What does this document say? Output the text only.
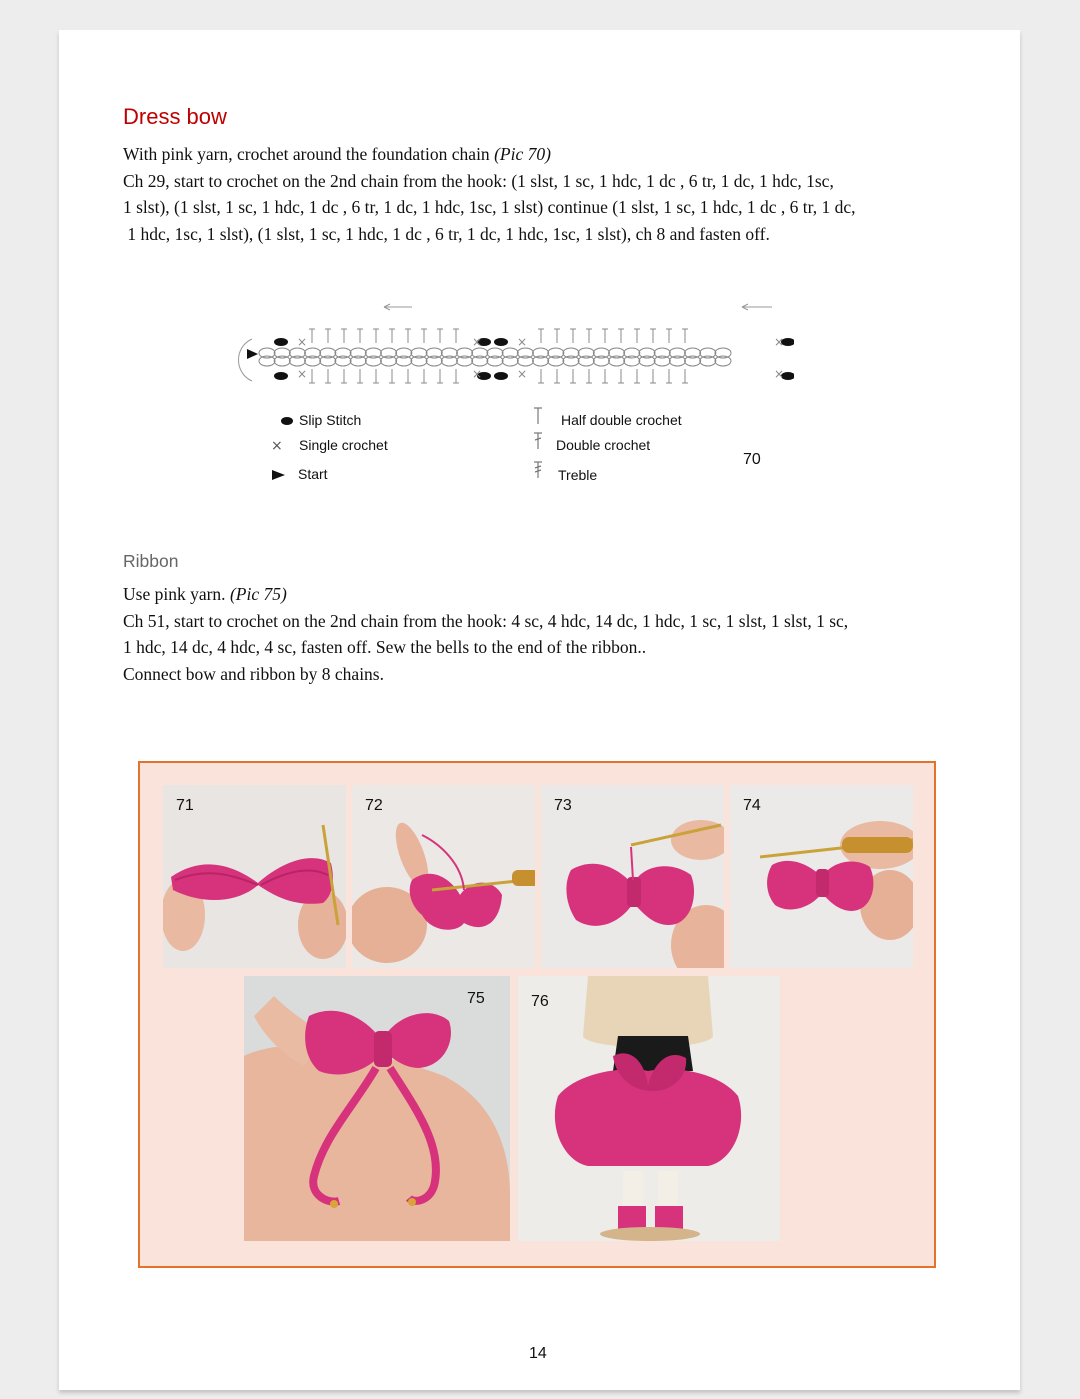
Dress bow
With pink yarn, crochet around the foundation chain (Pic 70)
Ch 29, start to crochet on the 2nd chain from the hook: (1 slst, 1 sc, 1 hdc, 1 dc , 6 tr, 1 dc, 1 hdc, 1sc,
1 slst), (1 slst, 1 sc, 1 hdc, 1 dc , 6 tr, 1 dc, 1 hdc, 1sc, 1 slst) continue (1 slst, 1 sc, 1 hdc, 1 dc , 6 tr, 1 dc,
1 hdc, 1sc, 1 slst), (1 slst, 1 sc, 1 hdc, 1 dc , 6 tr, 1 dc, 1 hdc, 1sc, 1 slst), ch 8 and fasten off.
×
×
×
×
×
×
×
×
Slip Stitch
× Single crochet
Start
Half double crochet
Double crochet
Treble
70
Ribbon
Use pink yarn. (Pic 75)
Ch 51, start to crochet on the 2nd chain from the hook: 4 sc, 4 hdc, 14 dc, 1 hdc, 1 sc, 1 slst, 1 slst, 1 sc,
1 hdc, 14 dc, 4 hdc, 4 sc, fasten off. Sew the bells to the end of the ribbon..
Connect bow and ribbon by 8 chains.
71	72	73	74
75	76
14
